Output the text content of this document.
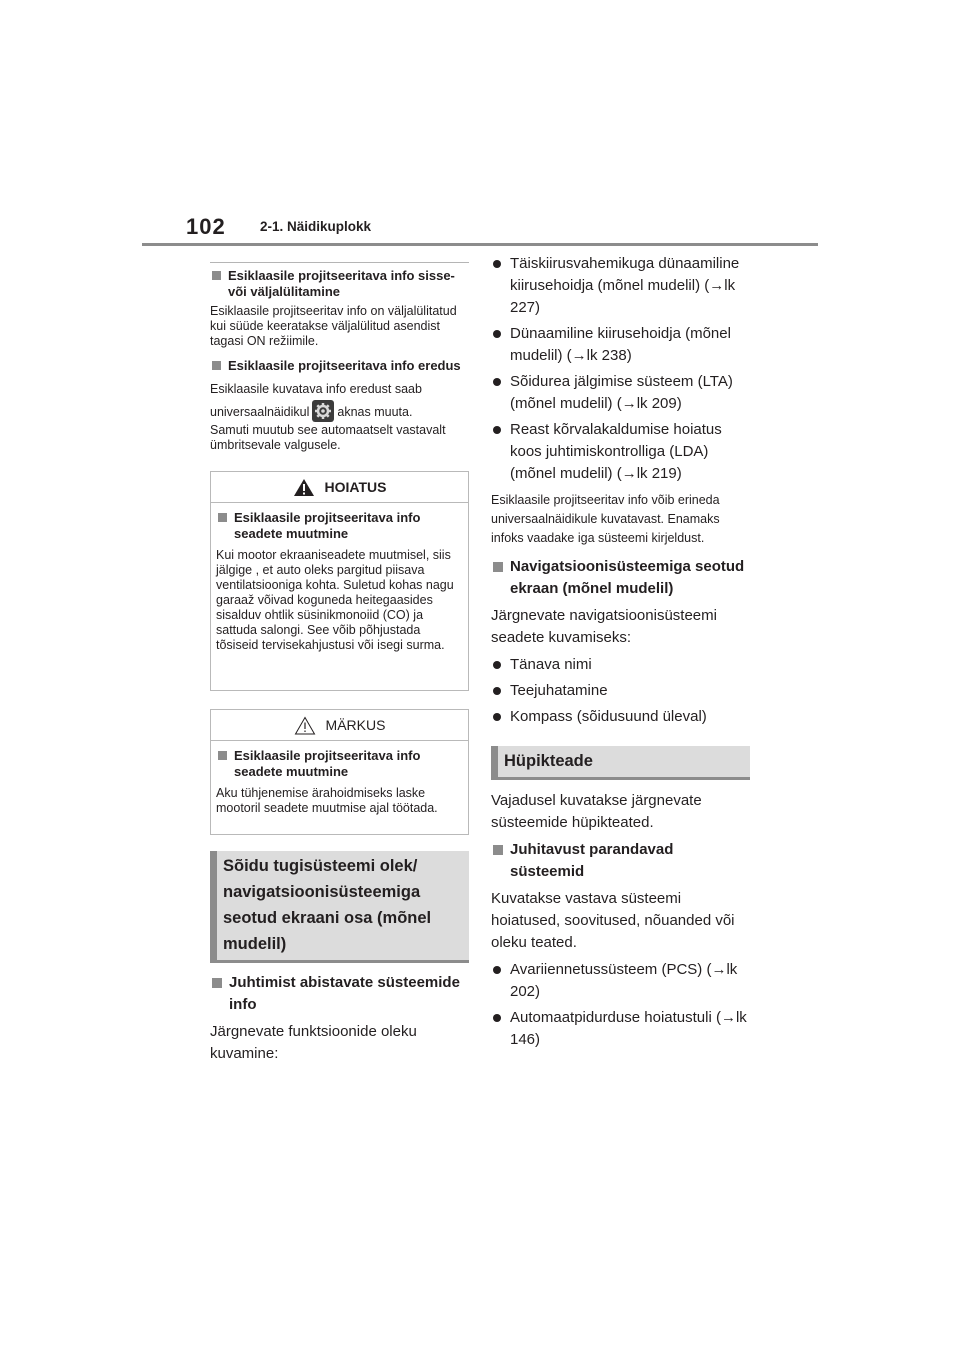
102	2-1. Näidikuplokk
Esiklaasile projitseeritava info sisse- või väljalülitamine
Esiklaasile projitseeritav info on väljalülitatud kui süüde keeratakse väljalülitud asendist tagasi ON režiimile.
Esiklaasile projitseeritava info eredus
Esiklaasile kuvatava info eredust saab universaalnäidikul aknas muuta.
Samuti muutub see automaatselt vastavalt ümbritsevale valgusele.
HOIATUS
Esiklaasile projitseeritava info seadete muutmine
Kui mootor ekraaniseadete muutmisel, siis jälgige , et auto oleks pargitud piisava ventilatsiooniga kohta. Suletud kohas nagu garaaž võivad koguneda heitegaasides sisalduv ohtlik süsinikmonoiid (CO) ja sattuda salongi. See võib põhjustada tõsiseid tervisekahjustusi või isegi surma.
MÄRKUS
Esiklaasile projitseeritava info seadete muutmine
Aku tühjenemise ärahoidmiseks laske mootoril seadete muutmise ajal töötada.
Sõidu tugisüsteemi olek/ navigatsioonisüsteemiga seotud ekraani osa (mõnel mudelil)
Juhtimist abistavate süsteemide info
Järgnevate funktsioonide oleku kuvamine:
Täiskiirusvahemikuga dünaamiline kiirusehoidja (mõnel mudelil) (→lk 227)
Dünaamiline kiirusehoidja (mõnel mudelil) (→lk 238)
Sõidurea jälgimise süsteem (LTA) (mõnel mudelil) (→lk 209)
Reast kõrvalakaldumise hoiatus koos juhtimiskontrolliga (LDA) (mõnel mudelil) (→lk 219)
Esiklaasile projitseeritav info võib erineda universaalnäidikule kuvatavast. Enamaks infoks vaadake iga süsteemi kirjeldust.
Navigatsioonisüsteemiga seotud ekraan (mõnel mudelil)
Järgnevate navigatsioonisüsteemi seadete kuvamiseks:
Tänava nimi
Teejuhatamine
Kompass (sõidusuund üleval)
Hüpikteade
Vajadusel kuvatakse järgnevate süsteemide hüpikteated.
Juhitavust parandavad süsteemid
Kuvatakse vastava süsteemi hoiatused, soovitused, nõuanded või oleku teated.
Avariiennetussüsteem (PCS) (→lk 202)
Automaatpidurduse hoiatustuli (→lk 146)
